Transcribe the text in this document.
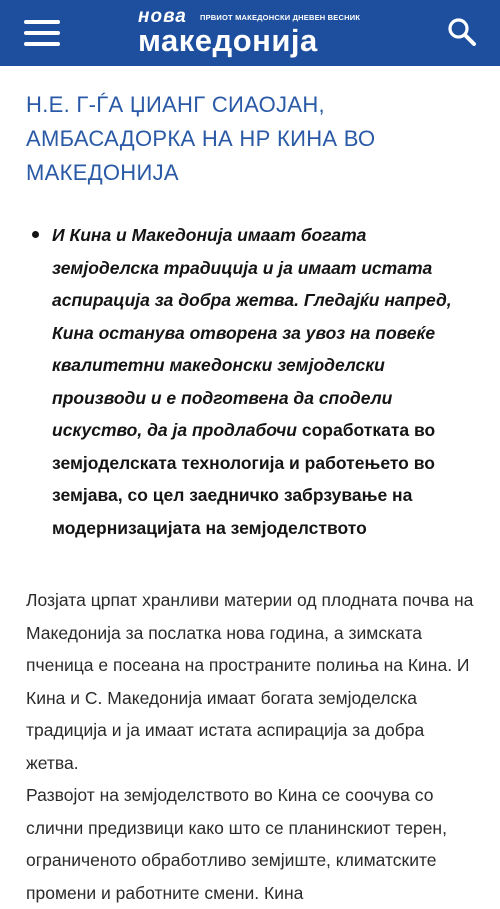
нова ПРВИОТ МАКЕДОНСКИ ДНЕВЕН ВЕСНИК
македонија
Н.Е. Г-ЃА ЏИАНГ СИАОЈАН, АМБАСАДОРКА НА НР КИНА ВО МАКЕДОНИЈА
И Кина и Македонија имаат богата земјоделска традиција и ја имаат истата аспирација за добра жетва. Гледајќи напред, Кина останува отворена за увоз на повеќе квалитетни македонски земјоделски производи и е подготвена да сподели искуство, да ја продлабочи соработката во земјоделската технологија и работењето во земјава, со цел заедничко забрзување на модернизацијата на земјоделството

Лозјата црпат хранливи материи од плодната почва на Македонија за послатка нова година, а зимската пченица е посеана на пространите полиња на Кина. И Кина и С. Македонија имаат богата земјоделска традиција и ја имаат истата аспирација за добра жетва.

Развојот на земјоделството во Кина се соочува со слични предизвици како што се планинскиот терен, ограниченото обработливо земјиште, климатските промени и работните смени. Кина
